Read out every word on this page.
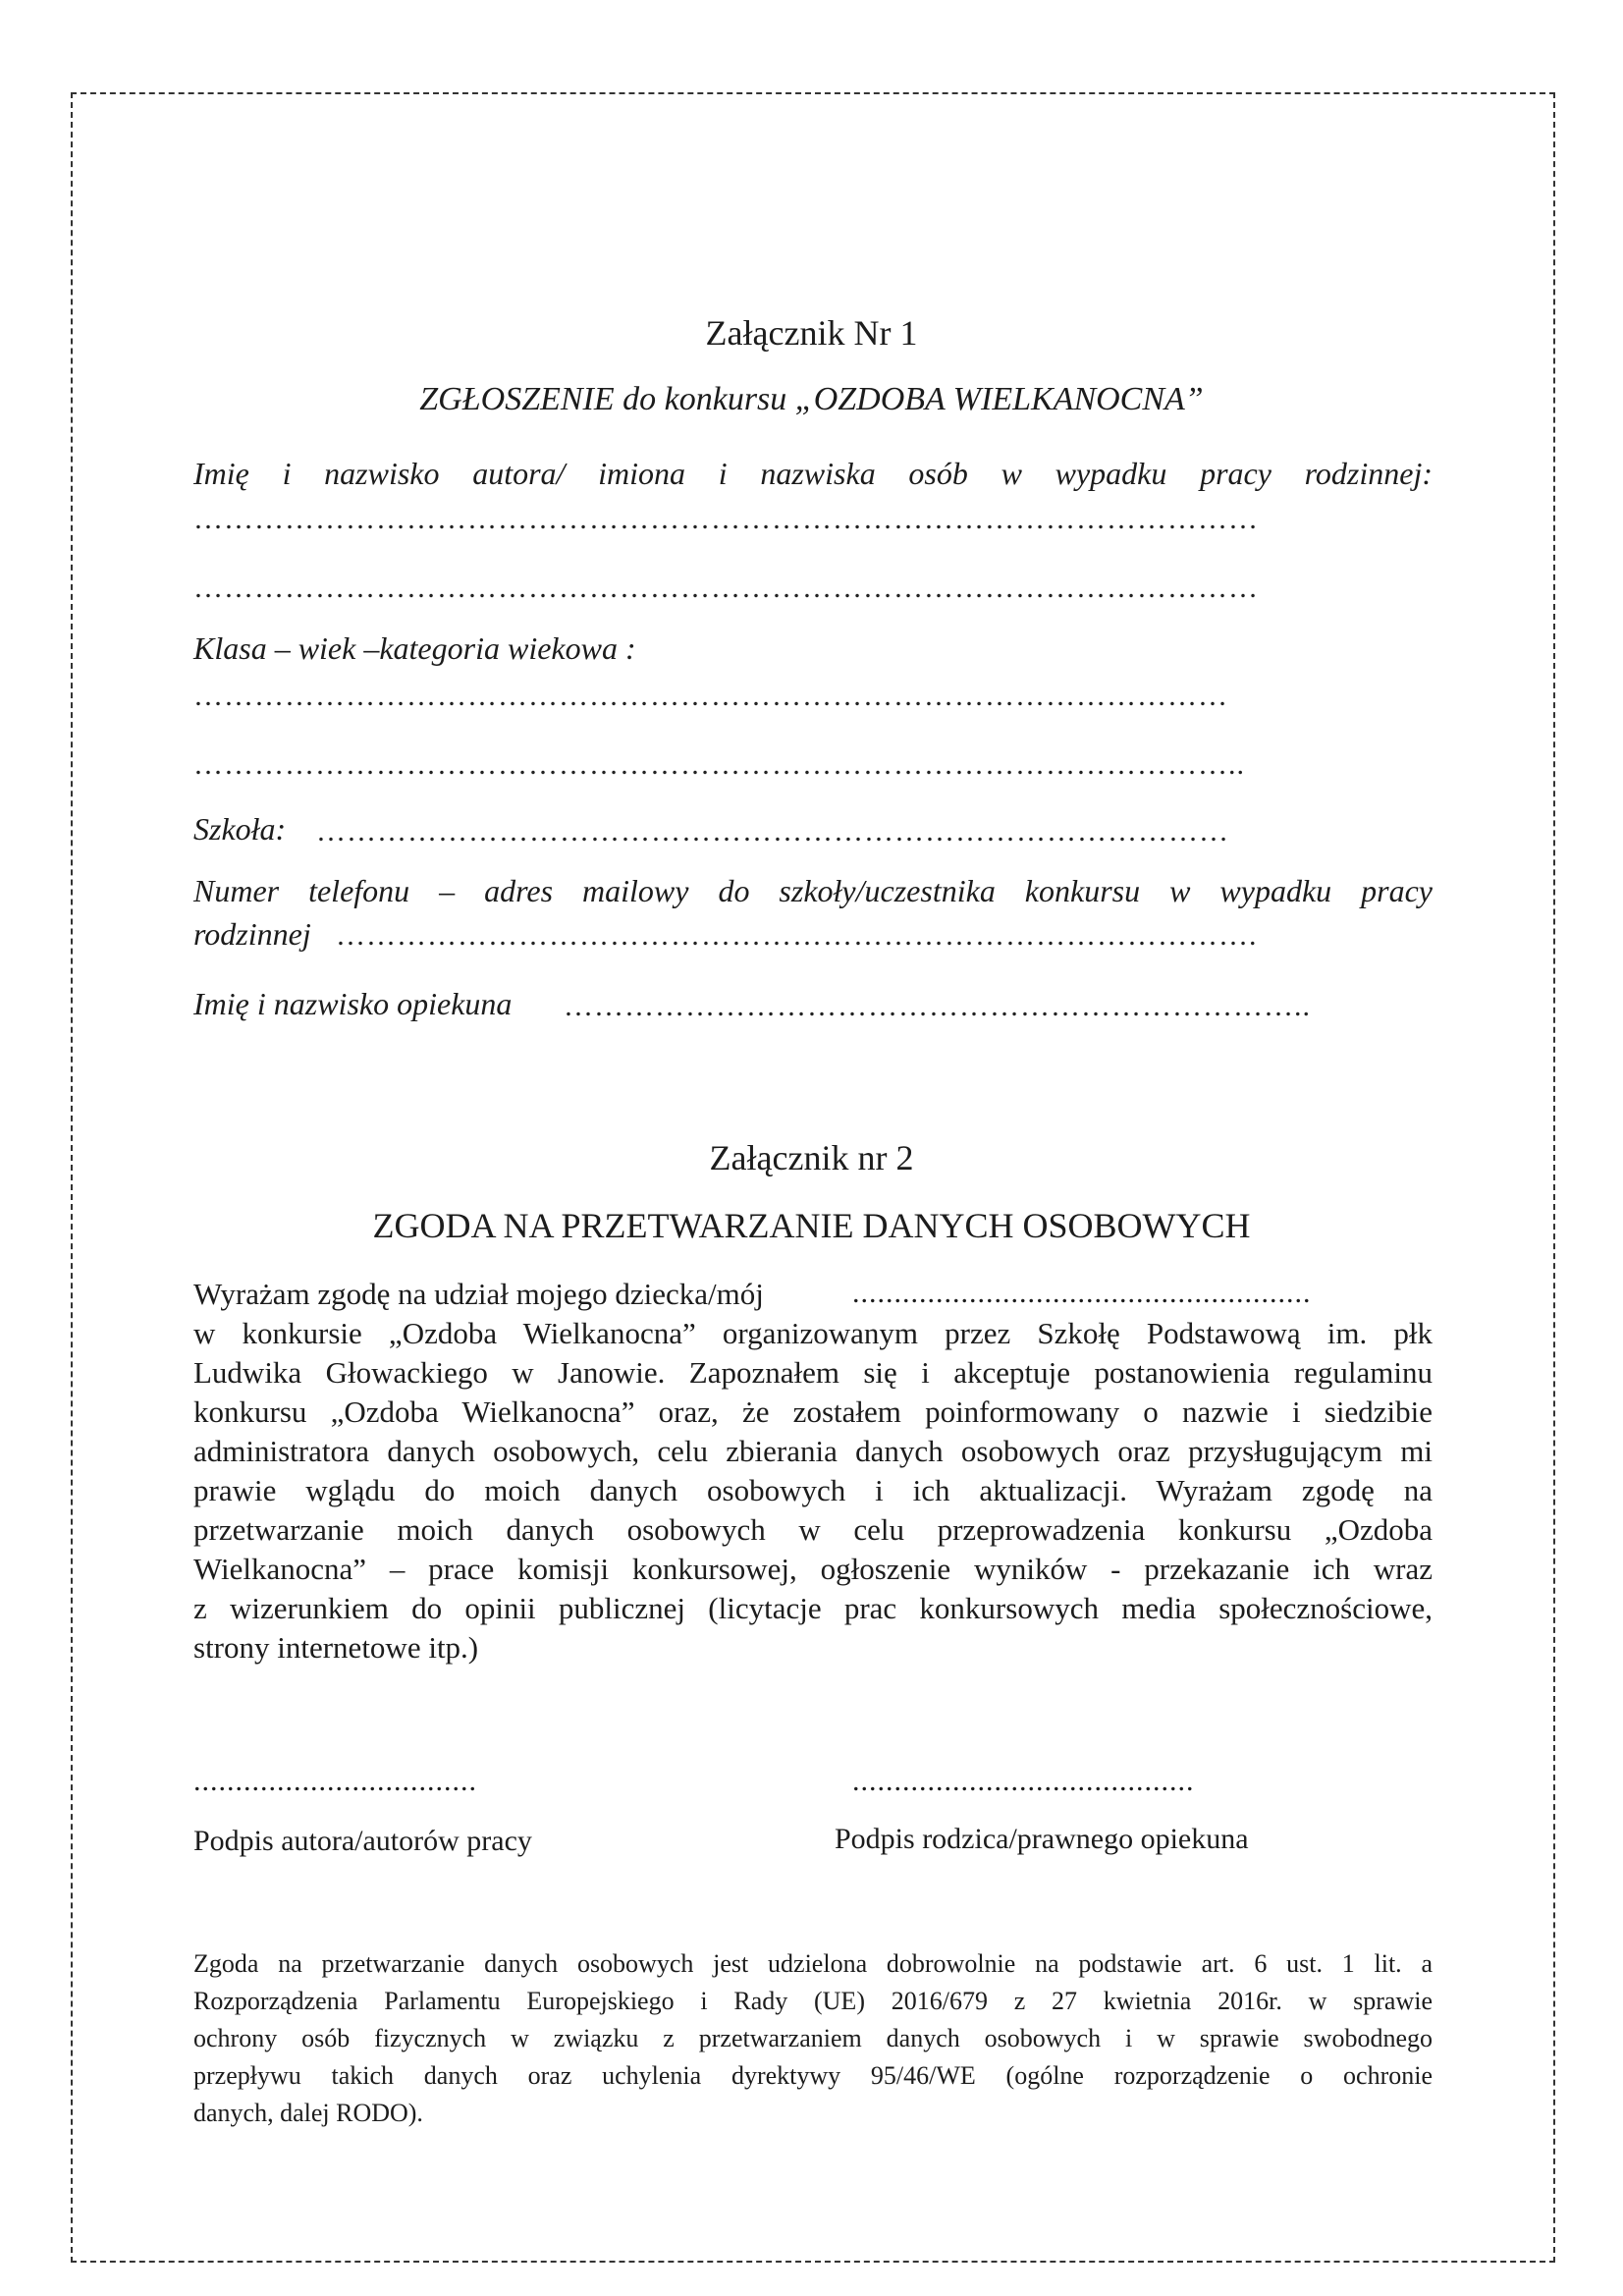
Załącznik Nr 1
ZGŁOSZENIE do konkursu „OZDOBA WIELKANOCNA”
Imię i nazwisko autora/ imiona i nazwiska osób w wypadku pracy rodzinnej:
……………………………………………………………………………………………
……………………………………………………………………………………………
Klasa – wiek –kategoria wiekowa :
…………………………………………………………………………………………
…………………………………………………………………………………………..
Szkoła: ………………………………………………………………………………
Numer telefonu – adres mailowy do szkoły/uczestnika konkursu w wypadku pracy
rodzinnej ……………………………………………………………………………….
Imię i nazwisko opiekuna ………………………………………………………………..
Załącznik nr 2
ZGODA NA PRZETWARZANIE DANYCH OSOBOWYCH
Wyrażam zgodę na udział mojego dziecka/mój	.......................................................
w konkursie „Ozdoba Wielkanocna” organizowanym przez Szkołę Podstawową im. płk
Ludwika Głowackiego w Janowie. Zapoznałem się i akceptuje postanowienia regulaminu
konkursu „Ozdoba Wielkanocna” oraz, że zostałem poinformowany o nazwie i siedzibie
administratora danych osobowych, celu zbierania danych osobowych oraz przysługującym mi
prawie wglądu do moich danych osobowych i ich aktualizacji. Wyrażam zgodę na
przetwarzanie moich danych osobowych w celu przeprowadzenia konkursu „Ozdoba
Wielkanocna” – prace komisji konkursowej, ogłoszenie wyników - przekazanie ich wraz
z wizerunkiem do opinii publicznej (licytacje prac konkursowych media społecznościowe,
strony internetowe itp.)
..................................	.........................................
Podpis autora/autorów pracy	Podpis rodzica/prawnego opiekuna
Zgoda na przetwarzanie danych osobowych jest udzielona dobrowolnie na podstawie art. 6 ust. 1 lit. a
Rozporządzenia Parlamentu Europejskiego i Rady (UE) 2016/679 z 27 kwietnia 2016r. w sprawie
ochrony osób fizycznych w związku z przetwarzaniem danych osobowych i w sprawie swobodnego
przepływu takich danych oraz uchylenia dyrektywy 95/46/WE (ogólne rozporządzenie o ochronie
danych, dalej RODO).
